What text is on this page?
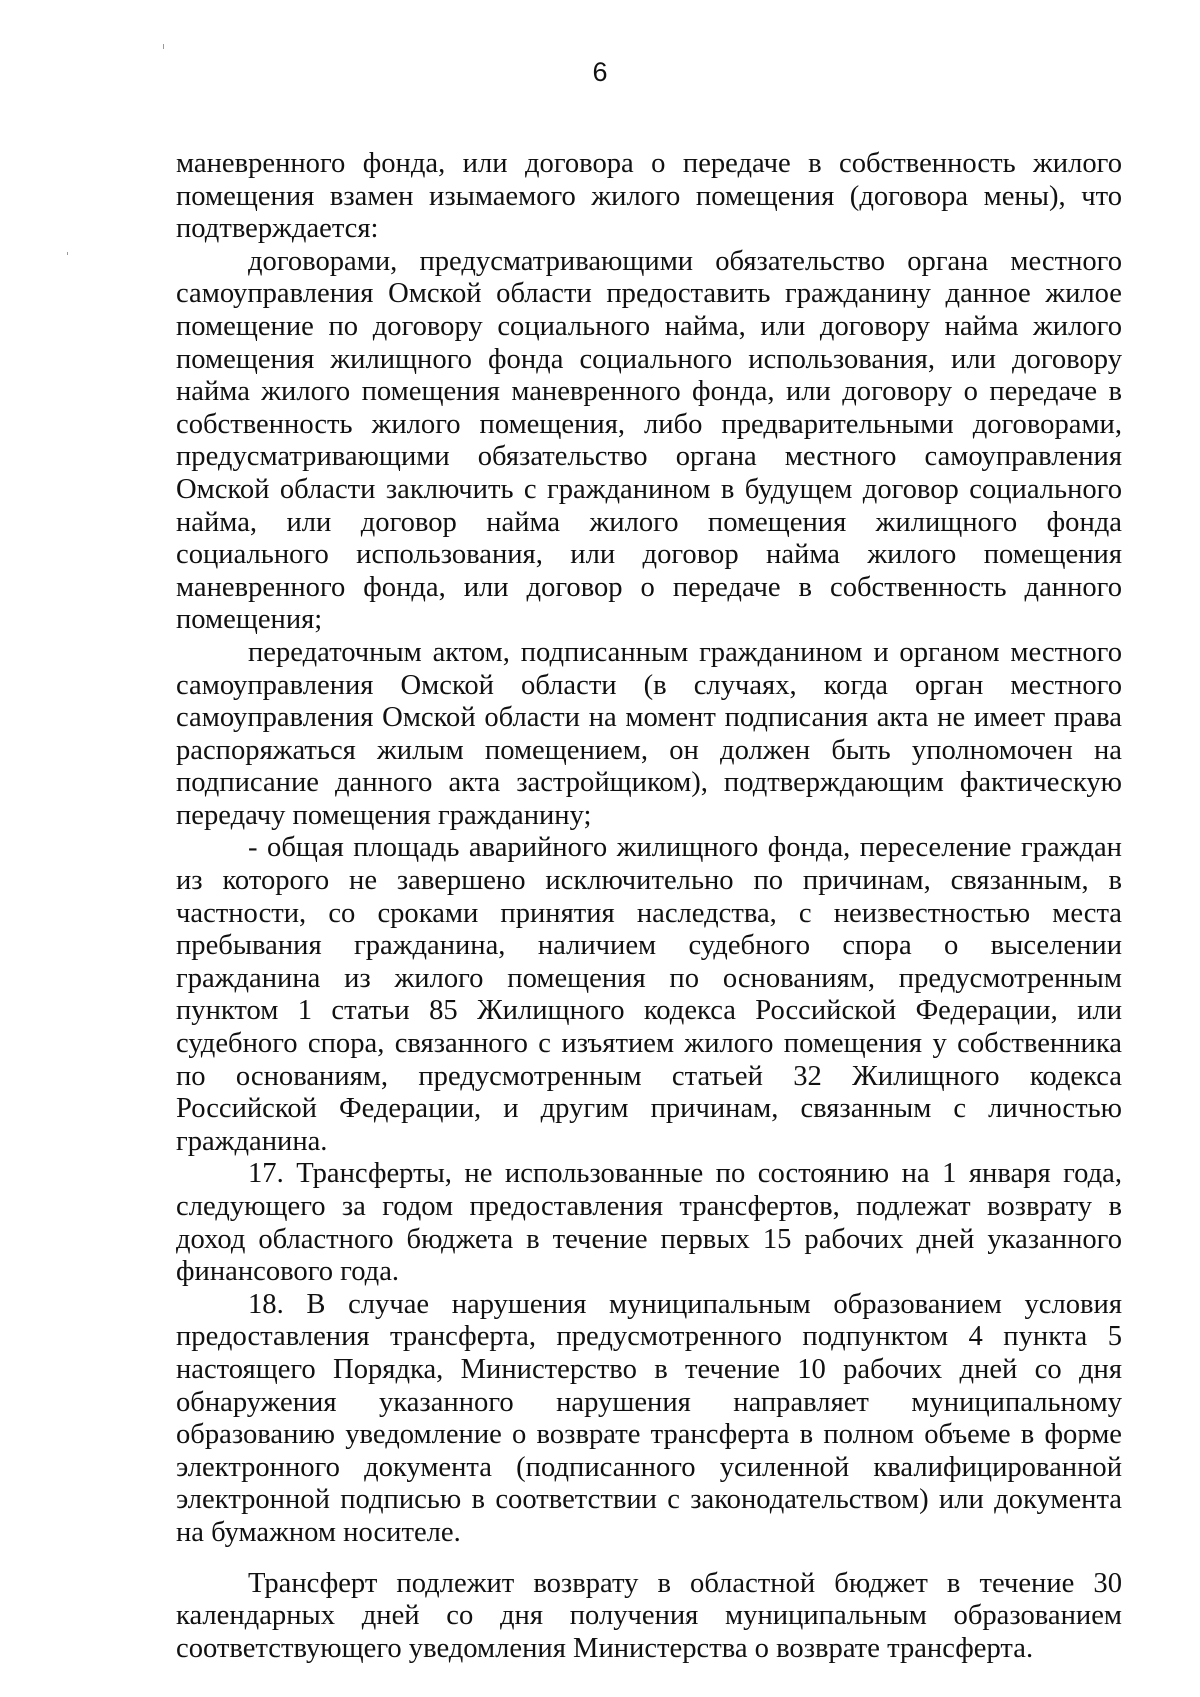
6

маневренного фонда, или договора о передаче в собственность жилого помещения взамен изымаемого жилого помещения (договора мены), что подтверждается:

договорами, предусматривающими обязательство органа местного самоуправления Омской области предоставить гражданину данное жилое помещение по договору социального найма, или договору найма жилого помещения жилищного фонда социального использования, или договору найма жилого помещения маневренного фонда, или договору о передаче в собственность жилого помещения, либо предварительными договорами, предусматривающими обязательство органа местного самоуправления Омской области заключить с гражданином в будущем договор социального найма, или договор найма жилого помещения жилищного фонда социального использования, или договор найма жилого помещения маневренного фонда, или договор о передаче в собственность данного помещения;

передаточным актом, подписанным гражданином и органом местного самоуправления Омской области (в случаях, когда орган местного самоуправления Омской области на момент подписания акта не имеет права распоряжаться жилым помещением, он должен быть уполномочен на подписание данного акта застройщиком), подтверждающим фактическую передачу помещения гражданину;

- общая площадь аварийного жилищного фонда, переселение граждан из которого не завершено исключительно по причинам, связанным, в частности, со сроками принятия наследства, с неизвестностью места пребывания гражданина, наличием судебного спора о выселении гражданина из жилого помещения по основаниям, предусмотренным пунктом 1 статьи 85 Жилищного кодекса Российской Федерации, или судебного спора, связанного с изъятием жилого помещения у собственника по основаниям, предусмотренным статьей 32 Жилищного кодекса Российской Федерации, и другим причинам, связанным с личностью гражданина.

17. Трансферты, не использованные по состоянию на 1 января года, следующего за годом предоставления трансфертов, подлежат возврату в доход областного бюджета в течение первых 15 рабочих дней указанного финансового года.

18. В случае нарушения муниципальным образованием условия предоставления трансферта, предусмотренного подпунктом 4 пункта 5 настоящего Порядка, Министерство в течение 10 рабочих дней со дня обнаружения указанного нарушения направляет муниципальному образованию уведомление о возврате трансферта в полном объеме в форме электронного документа (подписанного усиленной квалифицированной электронной подписью в соответствии с законодательством) или документа на бумажном носителе.

Трансферт подлежит возврату в областной бюджет в течение 30 календарных дней со дня получения муниципальным образованием соответствующего уведомления Министерства о возврате трансферта.
